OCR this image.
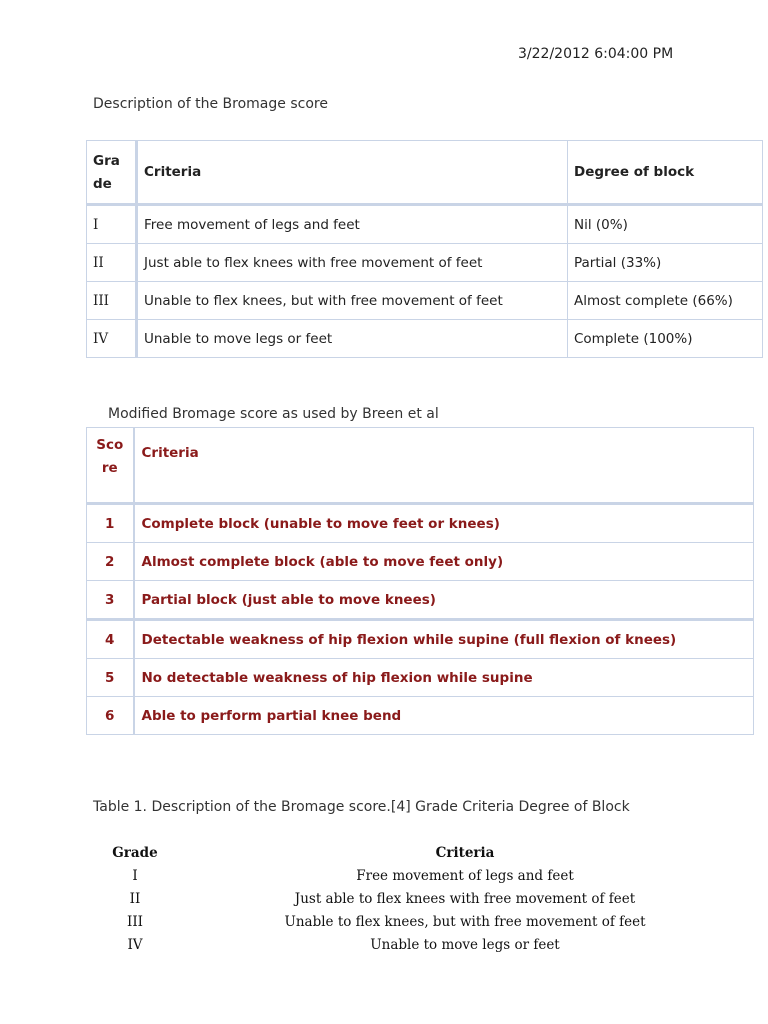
3/22/2012 6:04:00 PM
Description of the Bromage score
Gra
de	Criteria	Degree of block
I	Free movement of legs and feet	Nil (0%)
II	Just able to flex knees with free movement of feet	Partial (33%)
III	Unable to flex knees, but with free movement of feet	Almost complete (66%)
IV	Unable to move legs or feet	Complete (100%)
Modified Bromage score as used by Breen et al
Sco
re	Criteria
1	Complete block (unable to move feet or knees)
2	Almost complete block (able to move feet only)
3	Partial block (just able to move knees)
4	Detectable weakness of hip flexion while supine (full flexion of knees)
5	No detectable weakness of hip flexion while supine
6	Able to perform partial knee bend
Table 1. Description of the Bromage score.[4] Grade Criteria Degree of Block
Grade	Criteria
I	Free movement of legs and feet
II	Just able to flex knees with free movement of feet
III	Unable to flex knees, but with free movement of feet
IV	Unable to move legs or feet
